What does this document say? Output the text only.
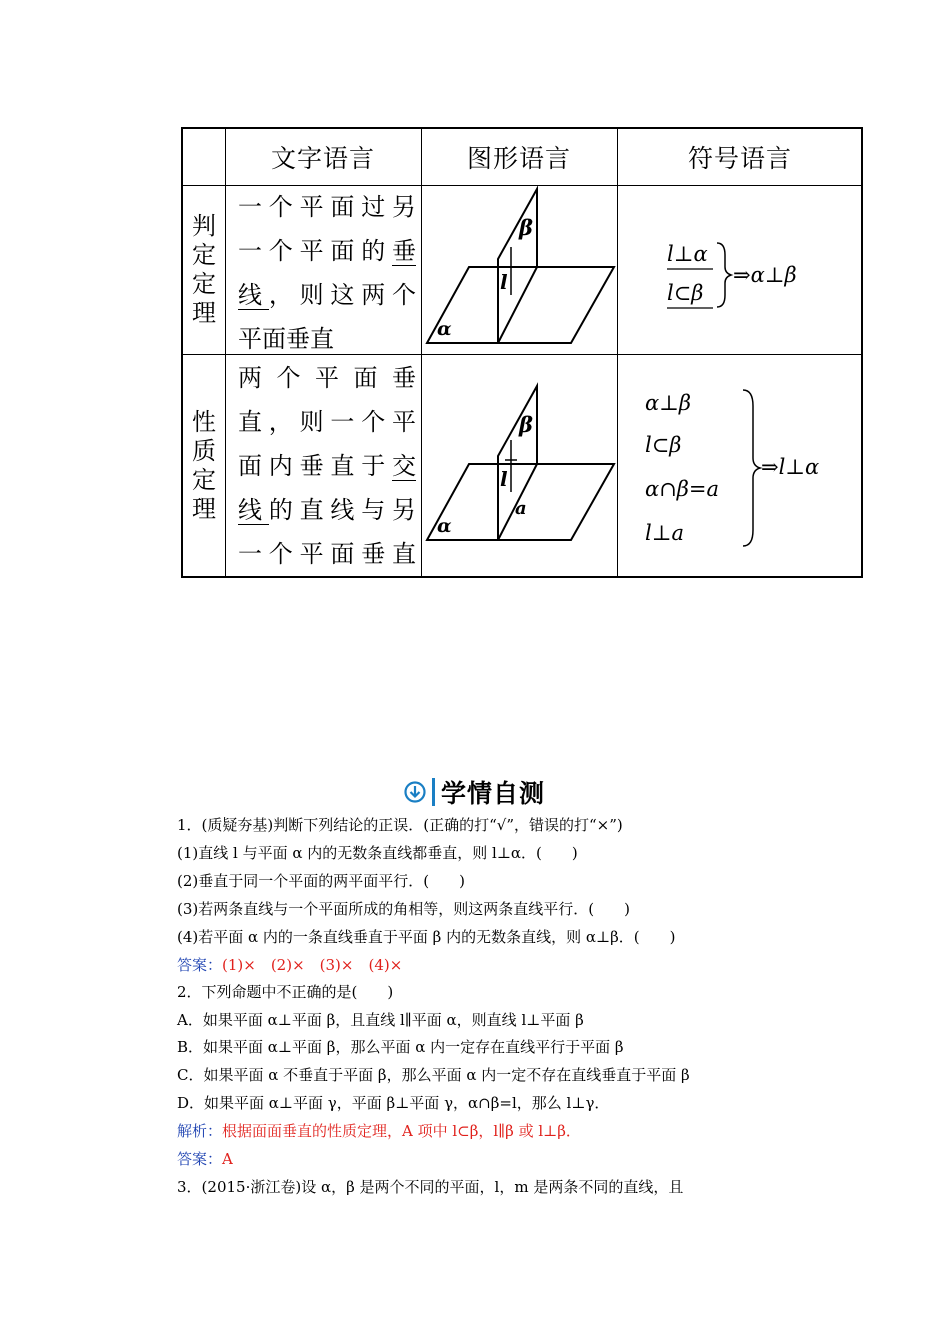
文字语言	图形语言	符号语言
判
定
定
理
一个平面过另
一个平面的垂
线，则这两个
平面垂直
β
l
α
l⊥α
l⊂β
⇒α⊥β
性
质
定
理
两个平面垂
直，则一个平
面内垂直于交
线的直线与另
一个平面垂直
β
l
a
α
α⊥β
l⊂β
α∩β=a
l⊥a
⇒l⊥α
学情自测
1．(质疑夯基)判断下列结论的正误．(正确的打“√”，错误的打“×”)
(1)直线 l 与平面 α 内的无数条直线都垂直，则 l⊥α．(　　)
(2)垂直于同一个平面的两平面平行．(　　)
(3)若两条直线与一个平面所成的角相等，则这两条直线平行．(　　)
(4)若平面 α 内的一条直线垂直于平面 β 内的无数条直线，则 α⊥β．(　　)
答案：(1)×　(2)×　(3)×　(4)×
2．下列命题中不正确的是(　　)
A．如果平面 α⊥平面 β，且直线 l∥平面 α，则直线 l⊥平面 β
B．如果平面 α⊥平面 β，那么平面 α 内一定存在直线平行于平面 β
C．如果平面 α 不垂直于平面 β，那么平面 α 内一定不存在直线垂直于平面 β
D．如果平面 α⊥平面 γ，平面 β⊥平面 γ，α∩β=l，那么 l⊥γ．
解析：根据面面垂直的性质定理，A 项中 l⊂β，l∥β 或 l⊥β．
答案：A
3．(2015·浙江卷)设 α，β 是两个不同的平面，l，m 是两条不同的直线，且
